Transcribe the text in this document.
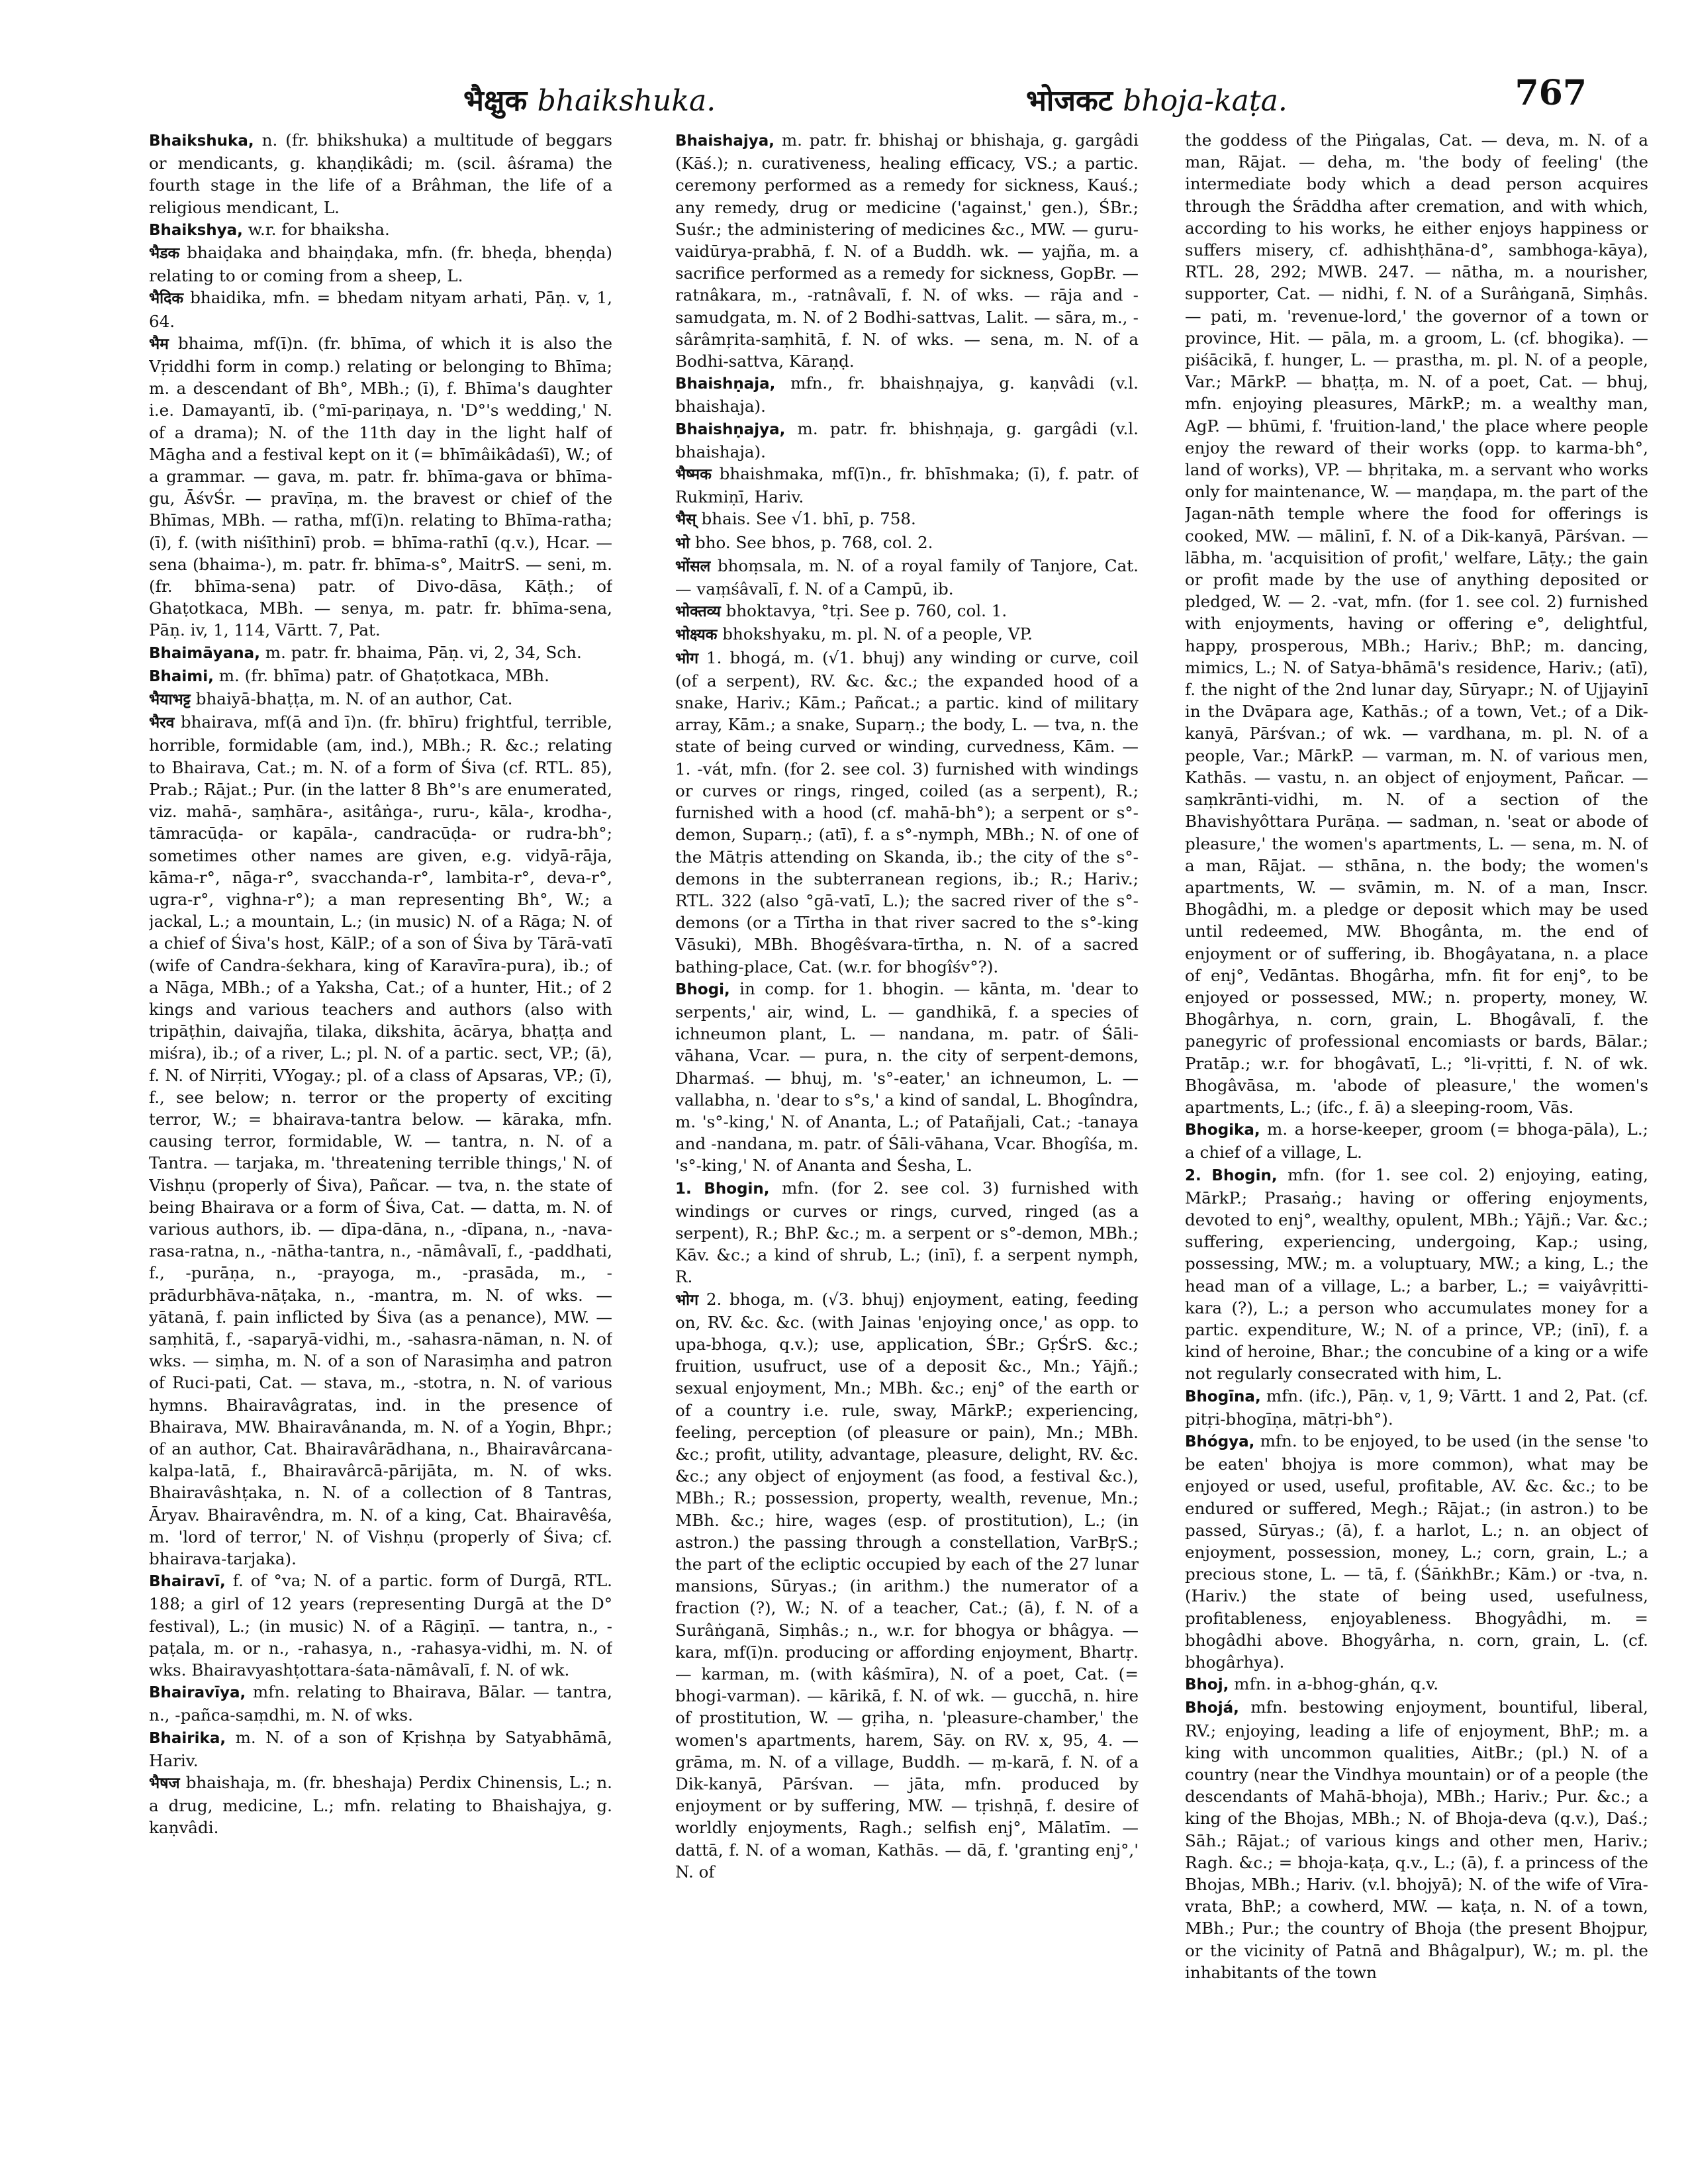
भैक्षुक bhaikshuka.	भोजकट bhoja-kaṭa.	767

Bhaikshuka, n. (fr. bhikshuka) a multitude of beggars or mendicants, g. khaṇḍikâdi; m. (scil. âśrama) the fourth stage in the life of a Brâhman, the life of a religious mendicant, L.

Bhaikshya, w.r. for bhaiksha.

भैडक bhaiḍaka and bhaiṇḍaka, mfn. (fr. bheḍa, bheṇḍa) relating to or coming from a sheep, L.

भैदिक bhaidika, mfn. = bhedam nityam arhati, Pāṇ. v, 1, 64.

भैम bhaima, mf(ī)n. (fr. bhīma, of which it is also the Vṛiddhi form in comp.) relating or belonging to Bhīma; m. a descendant of Bh°, MBh.; (ī), f. Bhīma's daughter i.e. Damayantī, ib. (°mī-pariṇaya, n. 'D°'s wedding,' N. of a drama); N. of the 11th day in the light half of Māgha and a festival kept on it (= bhīmâikâdaśī), W.; of a grammar. — gava, m. patr. fr. bhīma-gava or bhīma-gu, ĀśvŚr. — pravīṇa, m. the bravest or chief of the Bhīmas, MBh. — ratha, mf(ī)n. relating to Bhīma-ratha; (ī), f. (with niśīthinī) prob. = bhīma-rathī (q.v.), Hcar. — sena (bhaima-), m. patr. fr. bhīma-s°, MaitrS. — seni, m. (fr. bhīma-sena) patr. of Divo-dāsa, Kāṭh.; of Ghaṭotkaca, MBh. — senya, m. patr. fr. bhīma-sena, Pāṇ. iv, 1, 114, Vārtt. 7, Pat.

Bhaimāyana, m. patr. fr. bhaima, Pāṇ. vi, 2, 34, Sch.

Bhaimi, m. (fr. bhīma) patr. of Ghaṭotkaca, MBh.

भैयाभट्ट bhaiyā-bhaṭṭa, m. N. of an author, Cat.

भैरव bhairava, mf(ā and ī)n. (fr. bhīru) frightful, terrible, horrible, formidable (am, ind.), MBh.; R. &c.; relating to Bhairava, Cat.; m. N. of a form of Śiva (cf. RTL. 85), Prab.; Rājat.; Pur. (in the latter 8 Bh°'s are enumerated, viz. mahā-, saṃhāra-, asitâṅga-, ruru-, kāla-, krodha-, tāmracūḍa- or kapāla-, candracūḍa- or rudra-bh°; sometimes other names are given, e.g. vidyā-rāja, kāma-r°, nāga-r°, svacchanda-r°, lambita-r°, deva-r°, ugra-r°, vighna-r°); a man representing Bh°, W.; a jackal, L.; a mountain, L.; (in music) N. of a Rāga; N. of a chief of Śiva's host, KālP.; of a son of Śiva by Tārā-vatī (wife of Candra-śekhara, king of Karavīra-pura), ib.; of a Nāga, MBh.; of a Yaksha, Cat.; of a hunter, Hit.; of 2 kings and various teachers and authors (also with tripāṭhin, daivajña, tilaka, dikshita, ācārya, bhaṭṭa and miśra), ib.; of a river, L.; pl. N. of a partic. sect, VP.; (ā), f. N. of Nirṛiti, VYogay.; pl. of a class of Apsaras, VP.; (ī), f., see below; n. terror or the property of exciting terror, W.; = bhairava-tantra below. — kāraka, mfn. causing terror, formidable, W. — tantra, n. N. of a Tantra. — tarjaka, m. 'threatening terrible things,' N. of Vishṇu (properly of Śiva), Pañcar. — tva, n. the state of being Bhairava or a form of Śiva, Cat. — datta, m. N. of various authors, ib. — dīpa-dāna, n., -dīpana, n., -nava-rasa-ratna, n., -nātha-tantra, n., -nāmâvalī, f., -paddhati, f., -purāṇa, n., -prayoga, m., -prasāda, m., -prādurbhāva-nāṭaka, n., -mantra, m. N. of wks. — yātanā, f. pain inflicted by Śiva (as a penance), MW. — saṃhitā, f., -saparyā-vidhi, m., -sahasra-nāman, n. N. of wks. — siṃha, m. N. of a son of Narasiṃha and patron of Ruci-pati, Cat. — stava, m., -stotra, n. N. of various hymns. Bhairavâgratas, ind. in the presence of Bhairava, MW. Bhairavânanda, m. N. of a Yogin, Bhpr.; of an author, Cat. Bhairavârādhana, n., Bhairavârcana-kalpa-latā, f., Bhairavârcā-pārijāta, m. N. of wks. Bhairavâshṭaka, n. N. of a collection of 8 Tantras, Āryav. Bhairavêndra, m. N. of a king, Cat. Bhairavêśa, m. 'lord of terror,' N. of Vishṇu (properly of Śiva; cf. bhairava-tarjaka).

Bhairavī, f. of °va; N. of a partic. form of Durgā, RTL. 188; a girl of 12 years (representing Durgā at the D° festival), L.; (in music) N. of a Rāgiṇī. — tantra, n., -paṭala, m. or n., -rahasya, n., -rahasya-vidhi, m. N. of wks. Bhairavyashṭottara-śata-nāmâvalī, f. N. of wk.

Bhairavīya, mfn. relating to Bhairava, Bālar. — tantra, n., -pañca-saṃdhi, m. N. of wks.

Bhairika, m. N. of a son of Kṛishṇa by Satyabhāmā, Hariv.

भैषज bhaishaja, m. (fr. bheshaja) Perdix Chinensis, L.; n. a drug, medicine, L.; mfn. relating to Bhaishajya, g. kaṇvâdi.

Bhaishajya, m. patr. fr. bhishaj or bhishaja, g. gargâdi (Kāś.); n. curativeness, healing efficacy, VS.; a partic. ceremony performed as a remedy for sickness, Kauś.; any remedy, drug or medicine ('against,' gen.), ŚBr.; Suśr.; the administering of medicines &c., MW. — guru-vaidūrya-prabhā, f. N. of a Buddh. wk. — yajña, m. a sacrifice performed as a remedy for sickness, GopBr. — ratnâkara, m., -ratnâvalī, f. N. of wks. — rāja and -samudgata, m. N. of 2 Bodhi-sattvas, Lalit. — sāra, m., -sârâmṛita-saṃhitā, f. N. of wks. — sena, m. N. of a Bodhi-sattva, Kāraṇḍ.

Bhaishṇaja, mfn., fr. bhaishṇajya, g. kaṇvâdi (v.l. bhaishaja).

Bhaishṇajya, m. patr. fr. bhishṇaja, g. gargâdi (v.l. bhaishaja).

भैष्मक bhaishmaka, mf(ī)n., fr. bhīshmaka; (ī), f. patr. of Rukmiṇī, Hariv.

भैस् bhais. See √1. bhī, p. 758.

भो bho. See bhos, p. 768, col. 2.

भोंसल bhoṃsala, m. N. of a royal family of Tanjore, Cat. — vaṃśâvalī, f. N. of a Campū, ib.

भोक्तव्य bhoktavya, °tṛi. See p. 760, col. 1.

भोक्ष्यक bhokshyaku, m. pl. N. of a people, VP.

भोग 1. bhogá, m. (√1. bhuj) any winding or curve, coil (of a serpent), RV. &c. &c.; the expanded hood of a snake, Hariv.; Kām.; Pañcat.; a partic. kind of military array, Kām.; a snake, Suparṇ.; the body, L. — tva, n. the state of being curved or winding, curvedness, Kām. — 1. -vát, mfn. (for 2. see col. 3) furnished with windings or curves or rings, ringed, coiled (as a serpent), R.; furnished with a hood (cf. mahā-bh°); a serpent or s°-demon, Suparṇ.; (atī), f. a s°-nymph, MBh.; N. of one of the Mātṛis attending on Skanda, ib.; the city of the s°-demons in the subterranean regions, ib.; R.; Hariv.; RTL. 322 (also °gā-vatī, L.); the sacred river of the s°-demons (or a Tīrtha in that river sacred to the s°-king Vāsuki), MBh. Bhogêśvara-tīrtha, n. N. of a sacred bathing-place, Cat. (w.r. for bhogîśv°?).

Bhogi, in comp. for 1. bhogin. — kānta, m. 'dear to serpents,' air, wind, L. — gandhikā, f. a species of ichneumon plant, L. — nandana, m. patr. of Śāli-vāhana, Vcar. — pura, n. the city of serpent-demons, Dharmaś. — bhuj, m. 's°-eater,' an ichneumon, L. — vallabha, n. 'dear to s°s,' a kind of sandal, L. Bhogîndra, m. 's°-king,' N. of Ananta, L.; of Patañjali, Cat.; -tanaya and -nandana, m. patr. of Śāli-vāhana, Vcar. Bhogîśa, m. 's°-king,' N. of Ananta and Śesha, L.

1. Bhogin, mfn. (for 2. see col. 3) furnished with windings or curves or rings, curved, ringed (as a serpent), R.; BhP. &c.; m. a serpent or s°-demon, MBh.; Kāv. &c.; a kind of shrub, L.; (inī), f. a serpent nymph, R.

भोग 2. bhoga, m. (√3. bhuj) enjoyment, eating, feeding on, RV. &c. &c. (with Jainas 'enjoying once,' as opp. to upa-bhoga, q.v.); use, application, ŚBr.; GṛŚrS. &c.; fruition, usufruct, use of a deposit &c., Mn.; Yājñ.; sexual enjoyment, Mn.; MBh. &c.; enj° of the earth or of a country i.e. rule, sway, MārkP.; experiencing, feeling, perception (of pleasure or pain), Mn.; MBh. &c.; profit, utility, advantage, pleasure, delight, RV. &c. &c.; any object of enjoyment (as food, a festival &c.), MBh.; R.; possession, property, wealth, revenue, Mn.; MBh. &c.; hire, wages (esp. of prostitution), L.; (in astron.) the passing through a constellation, VarBṛS.; the part of the ecliptic occupied by each of the 27 lunar mansions, Sūryas.; (in arithm.) the numerator of a fraction (?), W.; N. of a teacher, Cat.; (ā), f. N. of a Surâṅganā, Siṃhâs.; n., w.r. for bhogya or bhâgya. — kara, mf(ī)n. producing or affording enjoyment, Bhartṛ. — karman, m. (with kâśmīra), N. of a poet, Cat. (= bhogi-varman). — kārikā, f. N. of wk. — gucchā, n. hire of prostitution, W. — gṛiha, n. 'pleasure-chamber,' the women's apartments, harem, Sāy. on RV. x, 95, 4. — grāma, m. N. of a village, Buddh. — ṃ-karā, f. N. of a Dik-kanyā, Pārśvan. — jāta, mfn. produced by enjoyment or by suffering, MW. — tṛishṇā, f. desire of worldly enjoyments, Ragh.; selfish enj°, Mālatīm. — dattā, f. N. of a woman, Kathās. — dā, f. 'granting enj°,' N. of

the goddess of the Piṅgalas, Cat. — deva, m. N. of a man, Rājat. — deha, m. 'the body of feeling' (the intermediate body which a dead person acquires through the Śrāddha after cremation, and with which, according to his works, he either enjoys happiness or suffers misery, cf. adhishṭhāna-d°, sambhoga-kāya), RTL. 28, 292; MWB. 247. — nātha, m. a nourisher, supporter, Cat. — nidhi, f. N. of a Surâṅganā, Siṃhâs. — pati, m. 'revenue-lord,' the governor of a town or province, Hit. — pāla, m. a groom, L. (cf. bhogika). — piśācikā, f. hunger, L. — prastha, m. pl. N. of a people, Var.; MārkP. — bhaṭṭa, m. N. of a poet, Cat. — bhuj, mfn. enjoying pleasures, MārkP.; m. a wealthy man, AgP. — bhūmi, f. 'fruition-land,' the place where people enjoy the reward of their works (opp. to karma-bh°, land of works), VP. — bhṛitaka, m. a servant who works only for maintenance, W. — maṇḍapa, m. the part of the Jagan-nāth temple where the food for offerings is cooked, MW. — mālinī, f. N. of a Dik-kanyā, Pārśvan. — lābha, m. 'acquisition of profit,' welfare, Lāṭy.; the gain or profit made by the use of anything deposited or pledged, W. — 2. -vat, mfn. (for 1. see col. 2) furnished with enjoyments, having or offering e°, delightful, happy, prosperous, MBh.; Hariv.; BhP.; m. dancing, mimics, L.; N. of Satya-bhāmā's residence, Hariv.; (atī), f. the night of the 2nd lunar day, Sūryapr.; N. of Ujjayinī in the Dvāpara age, Kathās.; of a town, Vet.; of a Dik-kanyā, Pārśvan.; of wk. — vardhana, m. pl. N. of a people, Var.; MārkP. — varman, m. N. of various men, Kathās. — vastu, n. an object of enjoyment, Pañcar. — saṃkrānti-vidhi, m. N. of a section of the Bhavishyôttara Purāṇa. — sadman, n. 'seat or abode of pleasure,' the women's apartments, L. — sena, m. N. of a man, Rājat. — sthāna, n. the body; the women's apartments, W. — svāmin, m. N. of a man, Inscr. Bhogâdhi, m. a pledge or deposit which may be used until redeemed, MW. Bhogânta, m. the end of enjoyment or of suffering, ib. Bhogâyatana, n. a place of enj°, Vedāntas. Bhogârha, mfn. fit for enj°, to be enjoyed or possessed, MW.; n. property, money, W. Bhogârhya, n. corn, grain, L. Bhogâvalī, f. the panegyric of professional encomiasts or bards, Bālar.; Pratāp.; w.r. for bhogâvatī, L.; °li-vṛitti, f. N. of wk. Bhogâvāsa, m. 'abode of pleasure,' the women's apartments, L.; (ifc., f. ā) a sleeping-room, Vās.

Bhogika, m. a horse-keeper, groom (= bhoga-pāla), L.; a chief of a village, L.

2. Bhogin, mfn. (for 1. see col. 2) enjoying, eating, MārkP.; Prasaṅg.; having or offering enjoyments, devoted to enj°, wealthy, opulent, MBh.; Yājñ.; Var. &c.; suffering, experiencing, undergoing, Kap.; using, possessing, MW.; m. a voluptuary, MW.; a king, L.; the head man of a village, L.; a barber, L.; = vaiyâvṛitti-kara (?), L.; a person who accumulates money for a partic. expenditure, W.; N. of a prince, VP.; (inī), f. a kind of heroine, Bhar.; the concubine of a king or a wife not regularly consecrated with him, L.

Bhogīna, mfn. (ifc.), Pāṇ. v, 1, 9; Vārtt. 1 and 2, Pat. (cf. pitṛi-bhogīṇa, mātṛi-bh°).

Bhógya, mfn. to be enjoyed, to be used (in the sense 'to be eaten' bhojya is more common), what may be enjoyed or used, useful, profitable, AV. &c. &c.; to be endured or suffered, Megh.; Rājat.; (in astron.) to be passed, Sūryas.; (ā), f. a harlot, L.; n. an object of enjoyment, possession, money, L.; corn, grain, L.; a precious stone, L. — tā, f. (ŚāṅkhBr.; Kām.) or -tva, n. (Hariv.) the state of being used, usefulness, profitableness, enjoyableness. Bhogyâdhi, m. = bhogâdhi above. Bhogyârha, n. corn, grain, L. (cf. bhogârhya).

Bhoj, mfn. in a-bhog-ghán, q.v.

Bhojá, mfn. bestowing enjoyment, bountiful, liberal, RV.; enjoying, leading a life of enjoyment, BhP.; m. a king with uncommon qualities, AitBr.; (pl.) N. of a country (near the Vindhya mountain) or of a people (the descendants of Mahā-bhoja), MBh.; Hariv.; Pur. &c.; a king of the Bhojas, MBh.; N. of Bhoja-deva (q.v.), Daś.; Sāh.; Rājat.; of various kings and other men, Hariv.; Ragh. &c.; = bhoja-kaṭa, q.v., L.; (ā), f. a princess of the Bhojas, MBh.; Hariv. (v.l. bhojyā); N. of the wife of Vīra-vrata, BhP.; a cowherd, MW. — kaṭa, n. N. of a town, MBh.; Pur.; the country of Bhoja (the present Bhojpur, or the vicinity of Patnā and Bhâgalpur), W.; m. pl. the inhabitants of the town
